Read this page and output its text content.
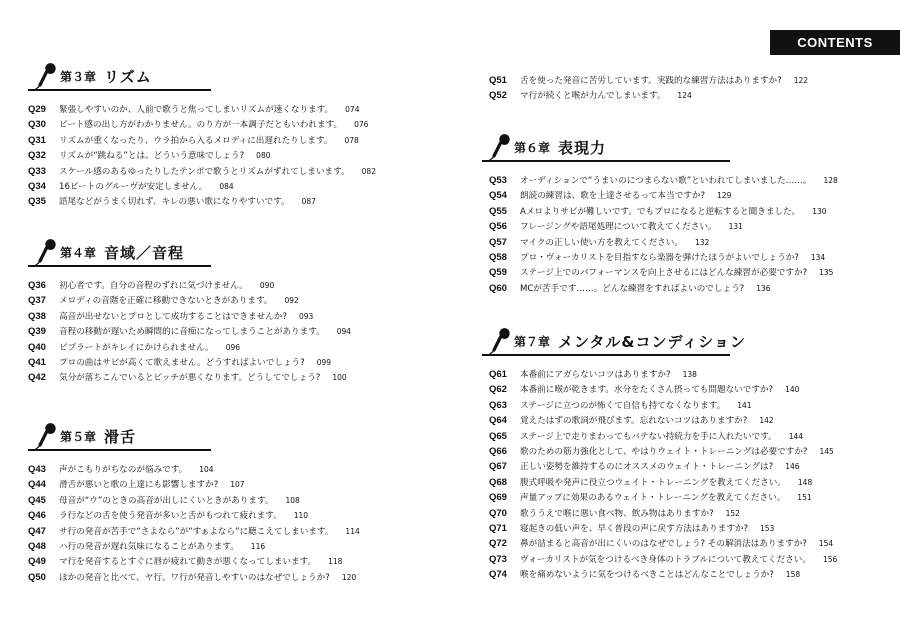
CONTENTS
第３章 リズム
Q29 緊張しやすいのか、人前で歌うと焦ってしまいリズムが速くなります。 074
Q30 ビート感の出し方がわかりません。のり方が一本調子だともいわれます。 076
Q31 リズムが重くなったり、ウラ拍から入るメロディに出遅れたりします。 078
Q32 リズムが“跳ねる”とは、どういう意味でしょう? 080
Q33 スケール感のあるゆったりしたテンポで歌うとリズムがずれてしまいます。 082
Q34 16ビートのグルーヴが安定しません。 084
Q35 語尾などがうまく切れず、キレの悪い歌になりやすいです。 087
第４章 音域／音程
Q36 初心者です。自分の音程のずれに気づけません。 090
Q37 メロディの音階を正確に移動できないときがあります。 092
Q38 高音が出せないとプロとして成功することはできませんか? 093
Q39 音程の移動が遅いため瞬間的に音痴になってしまうことがあります。 094
Q40 ビブラートがキレイにかけられません。 096
Q41 プロの曲はサビが高くて歌えません。どうすればよいでしょう? 099
Q42 気分が落ちこんでいるとピッチが悪くなります。どうしてでしょう? 100
第５章 滑舌
Q43 声がこもりがちなのが悩みです。 104
Q44 滑舌が悪いと歌の上達にも影響しますか? 107
Q45 母音が“ウ”のときの高音が出しにくいときがあります。 108
Q46 ラ行などの舌を使う発音が多いと舌がもつれて疲れます。 110
Q47 サ行の発音が苦手で“さよなら”が“すぁよなら”に聴こえてしまいます。 114
Q48 ハ行の発音が遅れ気味になることがあります。 116
Q49 マ行を発音するとすぐに唇が疲れて動きが悪くなってしまいます。 118
Q50 ほかの発音と比べて、ヤ行、ワ行が発音しやすいのはなぜでしょうか? 120
Q51 舌を使った発音に苦労しています。実践的な練習方法はありますか? 122
Q52 マ行が続くと喉が力んでしまいます。 124
第６章 表現力
Q53 オーディションで“うまいのにつまらない歌”といわれてしまいました……。 128
Q54 朗読の練習は、歌を上達させるって本当ですか? 129
Q55 Aメロよりサビが難しいです。でもプロになると逆転すると聞きました。 130
Q56 フレージングや語尾処理について教えてください。 131
Q57 マイクの正しい使い方を教えてください。 132
Q58 プロ・ヴォーカリストを目指すなら楽器を弾けたほうがよいでしょうか? 134
Q59 ステージ上でのパフォーマンスを向上させるにはどんな練習が必要ですか? 135
Q60 MCが苦手です……。どんな練習をすればよいのでしょう? 136
第７章 メンタル&コンディション
Q61 本番前にアガらないコツはありますか? 138
Q62 本番前に喉が乾きます。水分をたくさん摂っても問題ないですか? 140
Q63 ステージに立つのが怖くて自信も持てなくなります。 141
Q64 覚えたはずの歌詞が飛びます。忘れないコツはありますか? 142
Q65 ステージ上で走りまわってもバテない持続力を手に入れたいです。 144
Q66 歌のための筋力強化として、やはりウェイト・トレーニングは必要ですか? 145
Q67 正しい姿勢を維持するのにオススメのウェイト・トレーニングは? 146
Q68 腹式呼吸や発声に役立つウェイト・トレーニングを教えてください。 148
Q69 声量アップに効果のあるウェイト・トレーニングを教えてください。 151
Q70 歌ううえで喉に悪い食べ物、飲み物はありますか? 152
Q71 寝起きの低い声を、早く普段の声に戻す方法はありますか? 153
Q72 鼻が詰まると高音が出にくいのはなぜでしょう? その解消法はありますか? 154
Q73 ヴォーカリストが気をつけるべき身体のトラブルについて教えてください。 156
Q74 喉を痛めないように気をつけるべきことはどんなことでしょうか? 158
